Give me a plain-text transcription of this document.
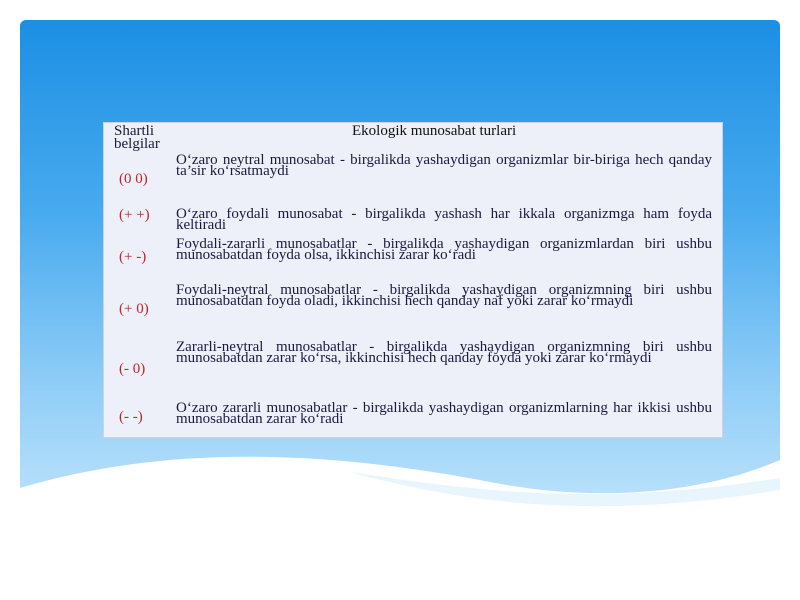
Shartli
belgilar
Ekologik munosabat turlari
(0 0)
O‘zaro neytral munosabat - birgalikda yashaydigan organizmlar bir-biriga hech qanday ta’sir ko‘rsatmaydi
(+ +)	O‘zaro foydali munosabat - birgalikda yashash har ikkala organizmga ham foyda keltiradi
(+ -)
Foydali-zararli munosabatlar - birgalikda yashaydigan organizmlardan biri ushbu munosabatdan foyda olsa, ikkinchisi zarar ko‘radi
(+ 0)
Foydali-neytral munosabatlar - birgalikda yashaydigan organizmning biri ushbu munosabatdan foyda oladi, ikkinchisi hech qanday naf yoki zarar ko‘rmaydi
(- 0)
Zararli-neytral munosabatlar - birgalikda yashaydigan organizmning biri ushbu munosabatdan zarar ko‘rsa, ikkinchisi hech qanday foyda yoki zarar ko‘rmaydi
(- -)
O‘zaro zararli munosabatlar - birgalikda yashaydigan organizmlarning har ikkisi ushbu munosabatdan zarar ko‘radi
